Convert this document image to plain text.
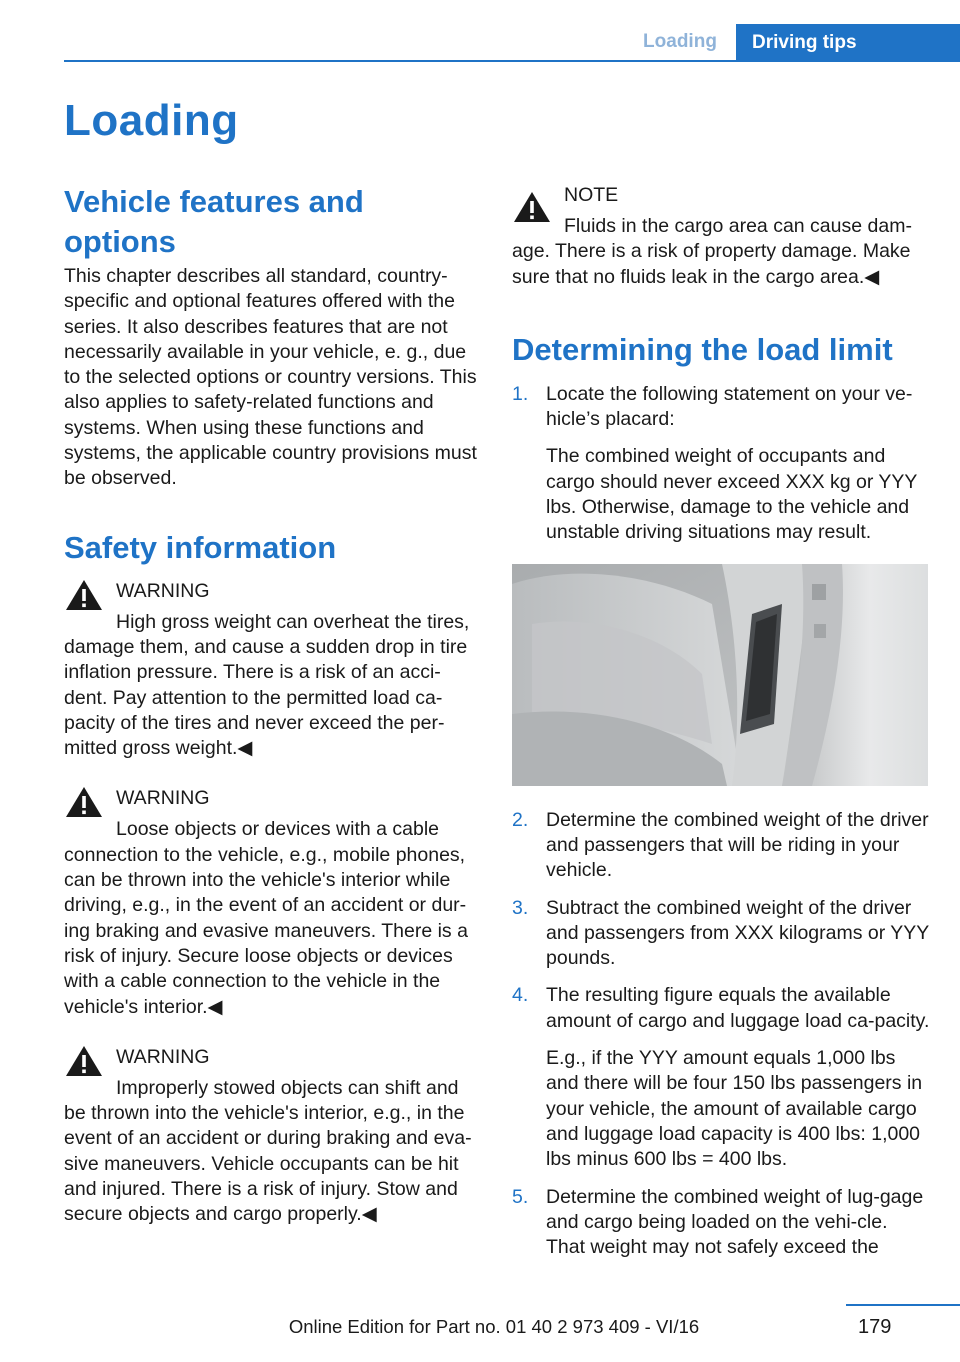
Loading	Driving tips
Loading
Vehicle features and options

This chapter describes all standard, country-specific and optional features offered with the series. It also describes features that are not necessarily available in your vehicle, e. g., due to the selected options or country versions. This also applies to safety-related functions and systems. When using these functions and systems, the applicable country provisions must be observed.

Safety information
WARNING

High gross weight can overheat the tires, damage them, and cause a sudden drop in tire inflation pressure. There is a risk of an acci-dent. Pay attention to the permitted load ca-pacity of the tires and never exceed the per-mitted gross weight.◀

WARNING

Loose objects or devices with a cable connection to the vehicle, e.g., mobile phones, can be thrown into the vehicle's interior while driving, e.g., in the event of an accident or dur-ing braking and evasive maneuvers. There is a risk of injury. Secure loose objects or devices with a cable connection to the vehicle in the vehicle's interior.◀

WARNING

Improperly stowed objects can shift and be thrown into the vehicle's interior, e.g., in the event of an accident or during braking and eva-sive maneuvers. Vehicle occupants can be hit and injured. There is a risk of injury. Stow and secure objects and cargo properly.◀

NOTE

Fluids in the cargo area can cause dam-age. There is a risk of property damage. Make sure that no fluids leak in the cargo area.◀

Determining the load limit
1. Locate the following statement on your ve-hicle’s placard:

The combined weight of occupants and cargo should never exceed XXX kg or YYY lbs. Otherwise, damage to the vehicle and unstable driving situations may result.

2. Determine the combined weight of the driver and passengers that will be riding in your vehicle.

3. Subtract the combined weight of the driver and passengers from XXX kilograms or YYY pounds.

4. The resulting figure equals the available amount of cargo and luggage load ca-pacity.

E.g., if the YYY amount equals 1,000 lbs and there will be four 150 lbs passengers in your vehicle, the amount of available cargo and luggage load capacity is 400 lbs: 1,000 lbs minus 600 lbs = 400 lbs.

5. Determine the combined weight of lug-gage and cargo being loaded on the vehi-cle. That weight may not safely exceed the

Online Edition for Part no. 01 40 2 973 409 - VI/16	179
